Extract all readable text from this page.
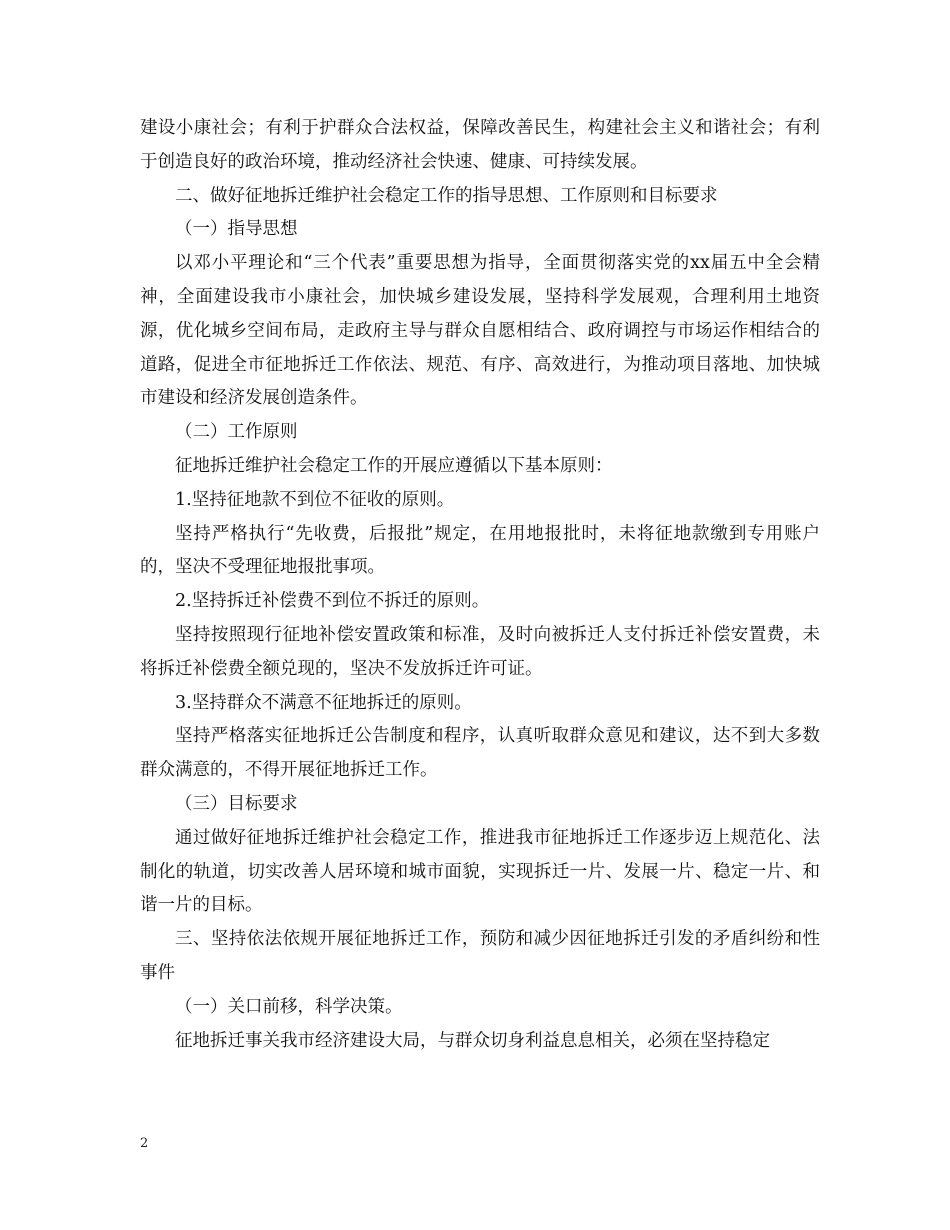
建设小康社会；有利于护群众合法权益，保障改善民生，构建社会主义和谐社会；有利于创造良好的政治环境，推动经济社会快速、健康、可持续发展。

二、做好征地拆迁维护社会稳定工作的指导思想、工作原则和目标要求

（一）指导思想

以邓小平理论和“三个代表”重要思想为指导，全面贯彻落实党的xx届五中全会精神，全面建设我市小康社会，加快城乡建设发展，坚持科学发展观，合理利用土地资源，优化城乡空间布局，走政府主导与群众自愿相结合、政府调控与市场运作相结合的道路，促进全市征地拆迁工作依法、规范、有序、高效进行，为推动项目落地、加快城市建设和经济发展创造条件。

（二）工作原则

征地拆迁维护社会稳定工作的开展应遵循以下基本原则：

1.坚持征地款不到位不征收的原则。

坚持严格执行“先收费，后报批”规定，在用地报批时，未将征地款缴到专用账户的，坚决不受理征地报批事项。

2.坚持拆迁补偿费不到位不拆迁的原则。

坚持按照现行征地补偿安置政策和标准，及时向被拆迁人支付拆迁补偿安置费，未将拆迁补偿费全额兑现的，坚决不发放拆迁许可证。

3.坚持群众不满意不征地拆迁的原则。

坚持严格落实征地拆迁公告制度和程序，认真听取群众意见和建议，达不到大多数群众满意的，不得开展征地拆迁工作。

（三）目标要求

通过做好征地拆迁维护社会稳定工作，推进我市征地拆迁工作逐步迈上规范化、法制化的轨道，切实改善人居环境和城市面貌，实现拆迁一片、发展一片、稳定一片、和谐一片的目标。

三、坚持依法依规开展征地拆迁工作，预防和减少因征地拆迁引发的矛盾纠纷和性事件

（一）关口前移，科学决策。

征地拆迁事关我市经济建设大局，与群众切身利益息息相关，必须在坚持稳定

2
